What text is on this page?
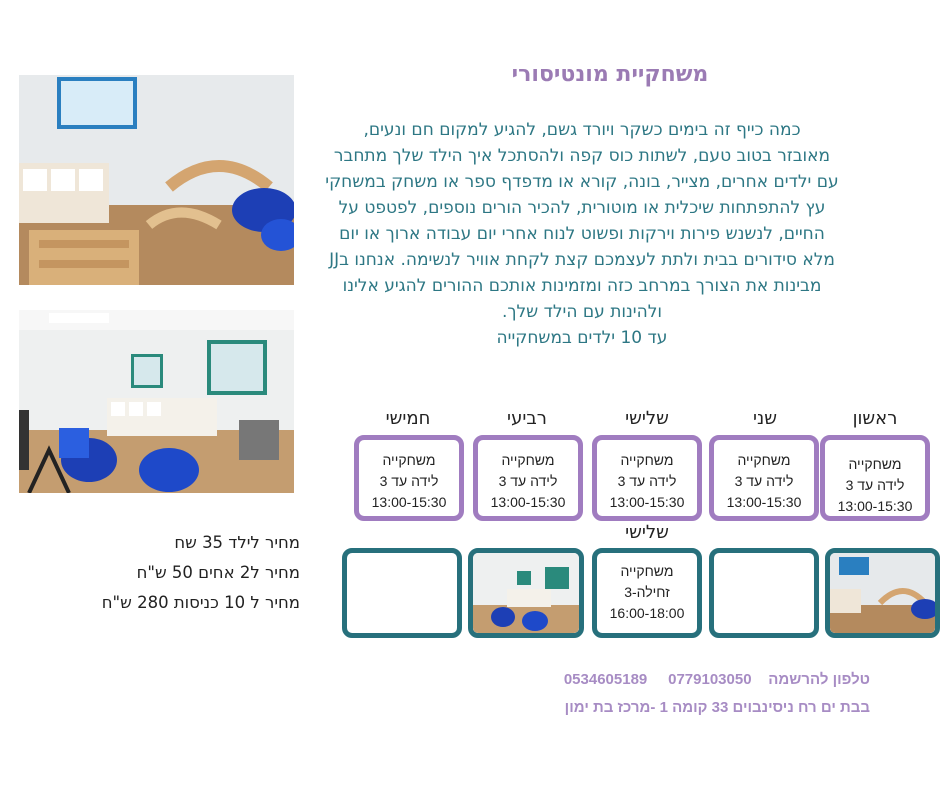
משחקיית מונטיסורי

כמה כייף זה בימים כשקר ויורד גשם, להגיע למקום חם ונעים,

מאובזר בטוב טעם, לשתות כוס קפה ולהסתכל איך הילד שלך מתחבר

עם ילדים אחרים, מצייר, בונה, קורא או מדפדף ספר או משחק במשחקי

עץ להתפתחות שיכלית או מוטורית, להכיר הורים נוספים, לפטפט על

החיים, לנשנש פירות וירקות ופשוט לנוח אחרי יום עבודה ארוך או יום

מלא סידורים בבית ולתת לעצמכם קצת לקחת אוויר לנשימה. אנחנו בJJ

מבינות את הצורך במרחב כזה ומזמינות אותכם ההורים להגיע אלינו

ולהינות עם הילד שלך.

עד 10 ילדים במשחקייה

ראשון
שני
שלישי
רביעי
חמישי
משחקייה
לידה עד 3
13:00-15:30
משחקייה
לידה עד 3
13:00-15:30
משחקייה
לידה עד 3
13:00-15:30
משחקייה
לידה עד 3
13:00-15:30
משחקייה
לידה עד 3
13:00-15:30
שלישי
משחקייה
זחילה-3
16:00-18:00
מחיר לילד 35 שח
מחיר ל2 אחים 50 ש"ח
מחיר ל 10 כניסות 280 ש"ח
טלפון להרשמה    0779103050     0534605189
בבת ים רח ניסינבוים 33 קומה 1 -מרכז בת ימון
